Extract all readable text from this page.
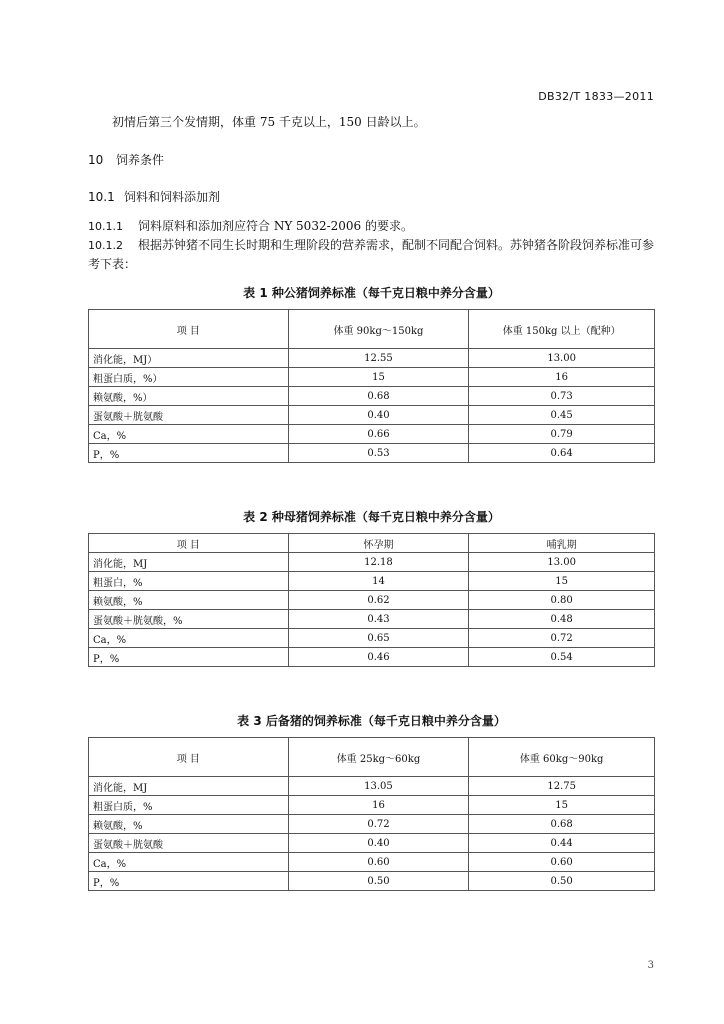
DB32/T 1833—2011
初情后第三个发情期，体重 75 千克以上，150 日龄以上。
10 饲养条件
10.1 饲料和饲料添加剂
10.1.1 饲料原料和添加剂应符合 NY 5032-2006 的要求。
10.1.2 根据苏钟猪不同生长时期和生理阶段的营养需求，配制不同配合饲料。苏钟猪各阶段饲养标准可参考下表：
表 1 种公猪饲养标准（每千克日粮中养分含量）
项 目	体重 90kg～150kg	体重 150kg 以上（配种）
消化能，MJ）	12.55	13.00
粗蛋白质，%）	15	16
赖氨酸，%）	0.68	0.73
蛋氨酸＋胱氨酸	0.40	0.45
Ca，%	0.66	0.79
P，%	0.53	0.64
表 2 种母猪饲养标准（每千克日粮中养分含量）
项 目	怀孕期	哺乳期
消化能，MJ	12.18	13.00
粗蛋白，%	14	15
赖氨酸，%	0.62	0.80
蛋氨酸＋胱氨酸，%	0.43	0.48
Ca，%	0.65	0.72
P，%	0.46	0.54
表 3 后备猪的饲养标准（每千克日粮中养分含量）
项 目	体重 25kg～60kg	体重 60kg～90kg
消化能，MJ	13.05	12.75
粗蛋白质，%	16	15
赖氨酸，%	0.72	0.68
蛋氨酸＋胱氨酸	0.40	0.44
Ca，%	0.60	0.60
P，%	0.50	0.50
3
